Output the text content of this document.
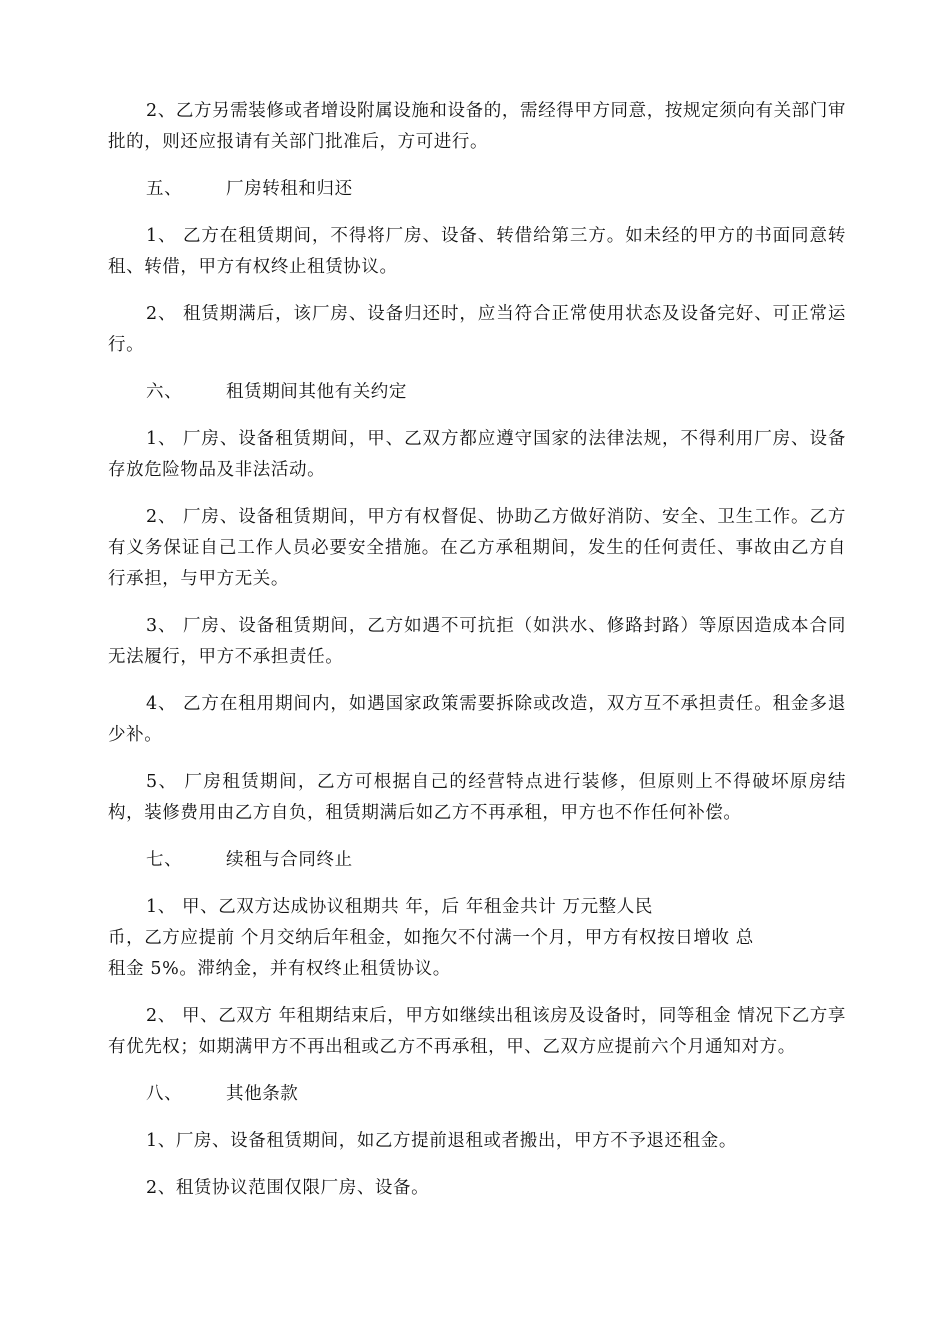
2、乙方另需装修或者增设附属设施和设备的，需经得甲方同意，按规定须向有关部门审批的，则还应报请有关部门批准后，方可进行。

五、	厂房转租和归还

1、 乙方在租赁期间，不得将厂房、设备、转借给第三方。如未经的甲方的书面同意转租、转借，甲方有权终止租赁协议。

2、 租赁期满后，该厂房、设备归还时，应当符合正常使用状态及设备完好、可正常运行。

六、	租赁期间其他有关约定

1、 厂房、设备租赁期间，甲、乙双方都应遵守国家的法律法规，不得利用厂房、设备存放危险物品及非法活动。

2、 厂房、设备租赁期间，甲方有权督促、协助乙方做好消防、安全、卫生工作。乙方有义务保证自己工作人员必要安全措施。在乙方承租期间，发生的任何责任、事故由乙方自行承担，与甲方无关。

3、 厂房、设备租赁期间，乙方如遇不可抗拒（如洪水、修路封路）等原因造成本合同无法履行，甲方不承担责任。

4、 乙方在租用期间内，如遇国家政策需要拆除或改造，双方互不承担责任。租金多退少补。

5、 厂房租赁期间，乙方可根据自己的经营特点进行装修，但原则上不得破坏原房结构，装修费用由乙方自负，租赁期满后如乙方不再承租，甲方也不作任何补偿。

七、	续租与合同终止

1、 甲、乙双方达成协议租期共 年，后 年租金共计 万元整人民
币，乙方应提前 个月交纳后年租金，如拖欠不付满一个月，甲方有权按日增收 总
租金 5%。滞纳金，并有权终止租赁协议。

2、 甲、乙双方 年租期结束后，甲方如继续出租该房及设备时，同等租金 情况下乙方享有优先权；如期满甲方不再出租或乙方不再承租，甲、乙双方应提前六个月通知对方。

八、	其他条款

1、厂房、设备租赁期间，如乙方提前退租或者搬出，甲方不予退还租金。

2、租赁协议范围仅限厂房、设备。
